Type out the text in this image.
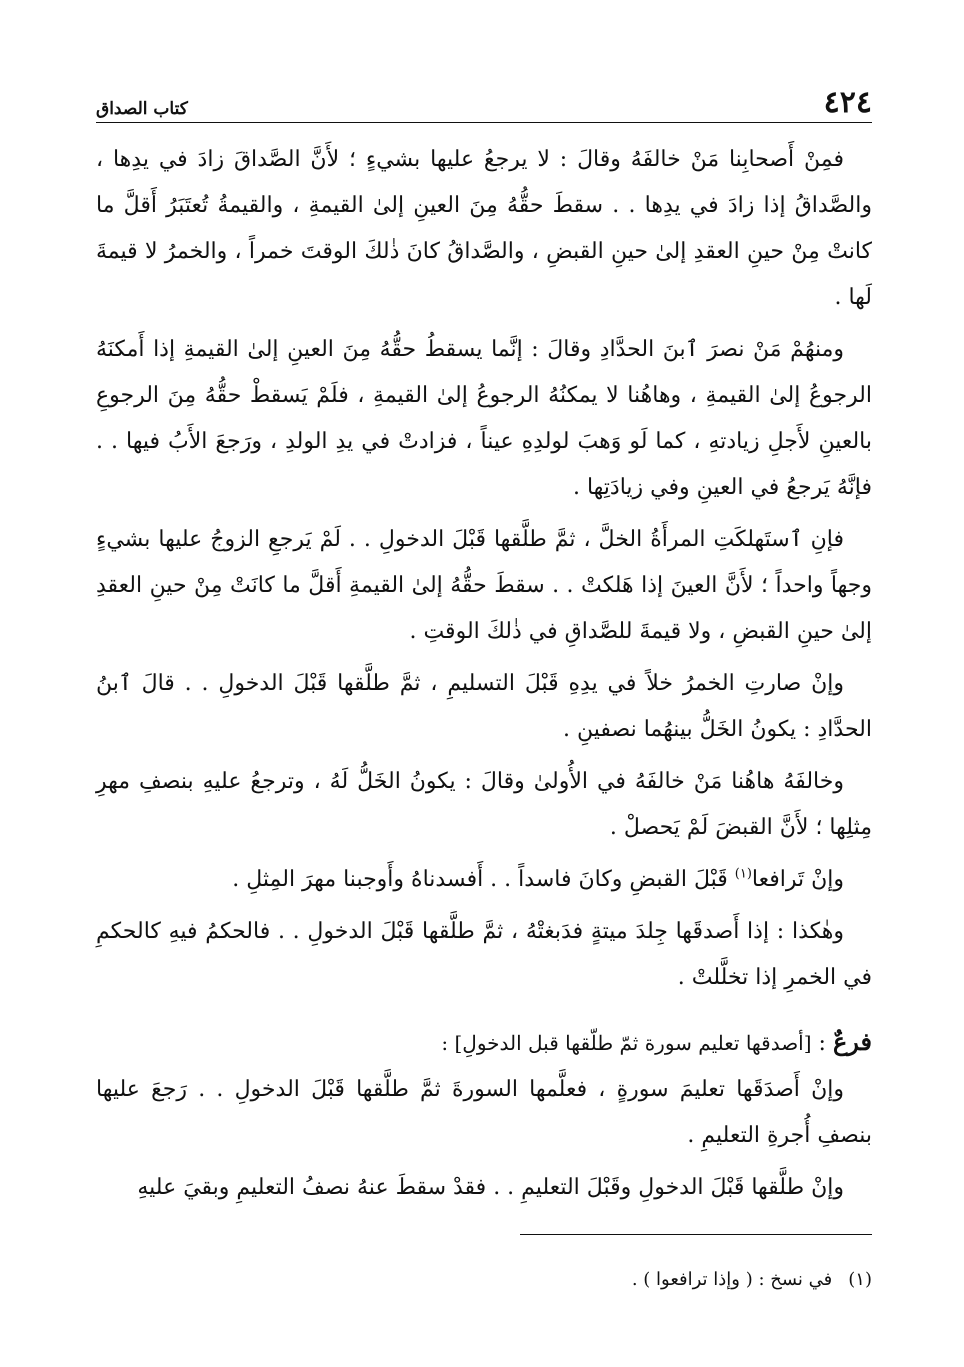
٤٢٤
كتاب الصداق

فمِنْ أَصحابِنا مَنْ خالفَهُ وقالَ : لا يرجعُ عليها بشيءٍ ؛ لأَنَّ الصَّداقَ زادَ في يدِها ، والصَّداقُ إذا زادَ في يدِها . . سقطَ حقُّهُ مِنَ العينِ إلىٰ القيمةِ ، والقيمةُ تُعتَبَرُ أَقلَّ ما كانتْ مِنْ حينِ العقدِ إلىٰ حينِ القبضِ ، والصَّداقُ كانَ ذٰلكَ الوقتَ خمراً ، والخمرُ لا قيمةَ لَها .

ومنهُمْ مَنْ نصرَ ٱبنَ الحدَّادِ وقالَ : إنَّما يسقطُ حقُّهُ مِنَ العينِ إلىٰ القيمةِ إذا أَمكنَهُ الرجوعُ إلىٰ القيمةِ ، وهاهُنا لا يمكنُهُ الرجوعُ إلىٰ القيمةِ ، فلَمْ يَسقطْ حقُّهُ مِنَ الرجوعِ بالعينِ لأَجلِ زيادتهِ ، كما لَو وَهبَ لولدِهِ عيناً ، فزادتْ في يدِ الولدِ ، ورَجعَ الأَبُ فيها . . فإنَّهُ يَرجعُ في العينِ وفي زيادَتِها .

فإنِ ٱستَهلكَتِ المرأَةُ الخلَّ ، ثمَّ طلَّقها قَبْلَ الدخولِ . . لَمْ يَرجعِ الزوجُ عليها بشيءٍ وجهاً واحداً ؛ لأَنَّ العينَ إذا هَلكتْ . . سقطَ حقُّهُ إلىٰ القيمةِ أَقلَّ ما كانَتْ مِنْ حينِ العقدِ إلىٰ حينِ القبضِ ، ولا قيمةَ للصَّداقِ في ذٰلكَ الوقتِ .

وإنْ صارتِ الخمرُ خلاً في يدِهِ قَبْلَ التسليمِ ، ثمَّ طلَّقها قَبْلَ الدخولِ . . قالَ ٱبنُ الحدَّادِ : يكونُ الخَلُّ بينهُما نصفينِ .

وخالفَهُ هاهُنا مَنْ خالفَهُ في الأُولىٰ وقالَ : يكونُ الخَلُّ لَهُ ، وترجعُ عليهِ بنصفِ مهرِ مِثلِها ؛ لأَنَّ القبضَ لَمْ يَحصلْ .

وإنْ تَرافعا$^{(١)}$ قَبْلَ القبضِ وكانَ فاسداً . . أَفسدناهُ وأَوجبنا مهرَ المِثلِ .

وهٰكذا : إذا أَصدقَها جِلدَ ميتةٍ فدَبغتْهُ ، ثمَّ طلَّقها قَبْلَ الدخولِ . . فالحكمُ فيهِ كالحكمِ في الخمرِ إذا تخلَّلتْ .

فرعٌ : [أصدقها تعليم سورة ثمّ طلّقها قبل الدخولِ] :

وإنْ أَصدَقَها تعليمَ سورةٍ ، فعلَّمها السورةَ ثمَّ طلَّقها قَبْلَ الدخولِ . . رَجعَ عليها بنصفِ أُجرةِ التعليمِ .

وإنْ طلَّقها قَبْلَ الدخولِ وقَبْلَ التعليمِ . . فقدْ سقطَ عنهُ نصفُ التعليمِ وبقيَ عليهِ

(١)في نسخ : ( وإذا ترافعوا ) .
